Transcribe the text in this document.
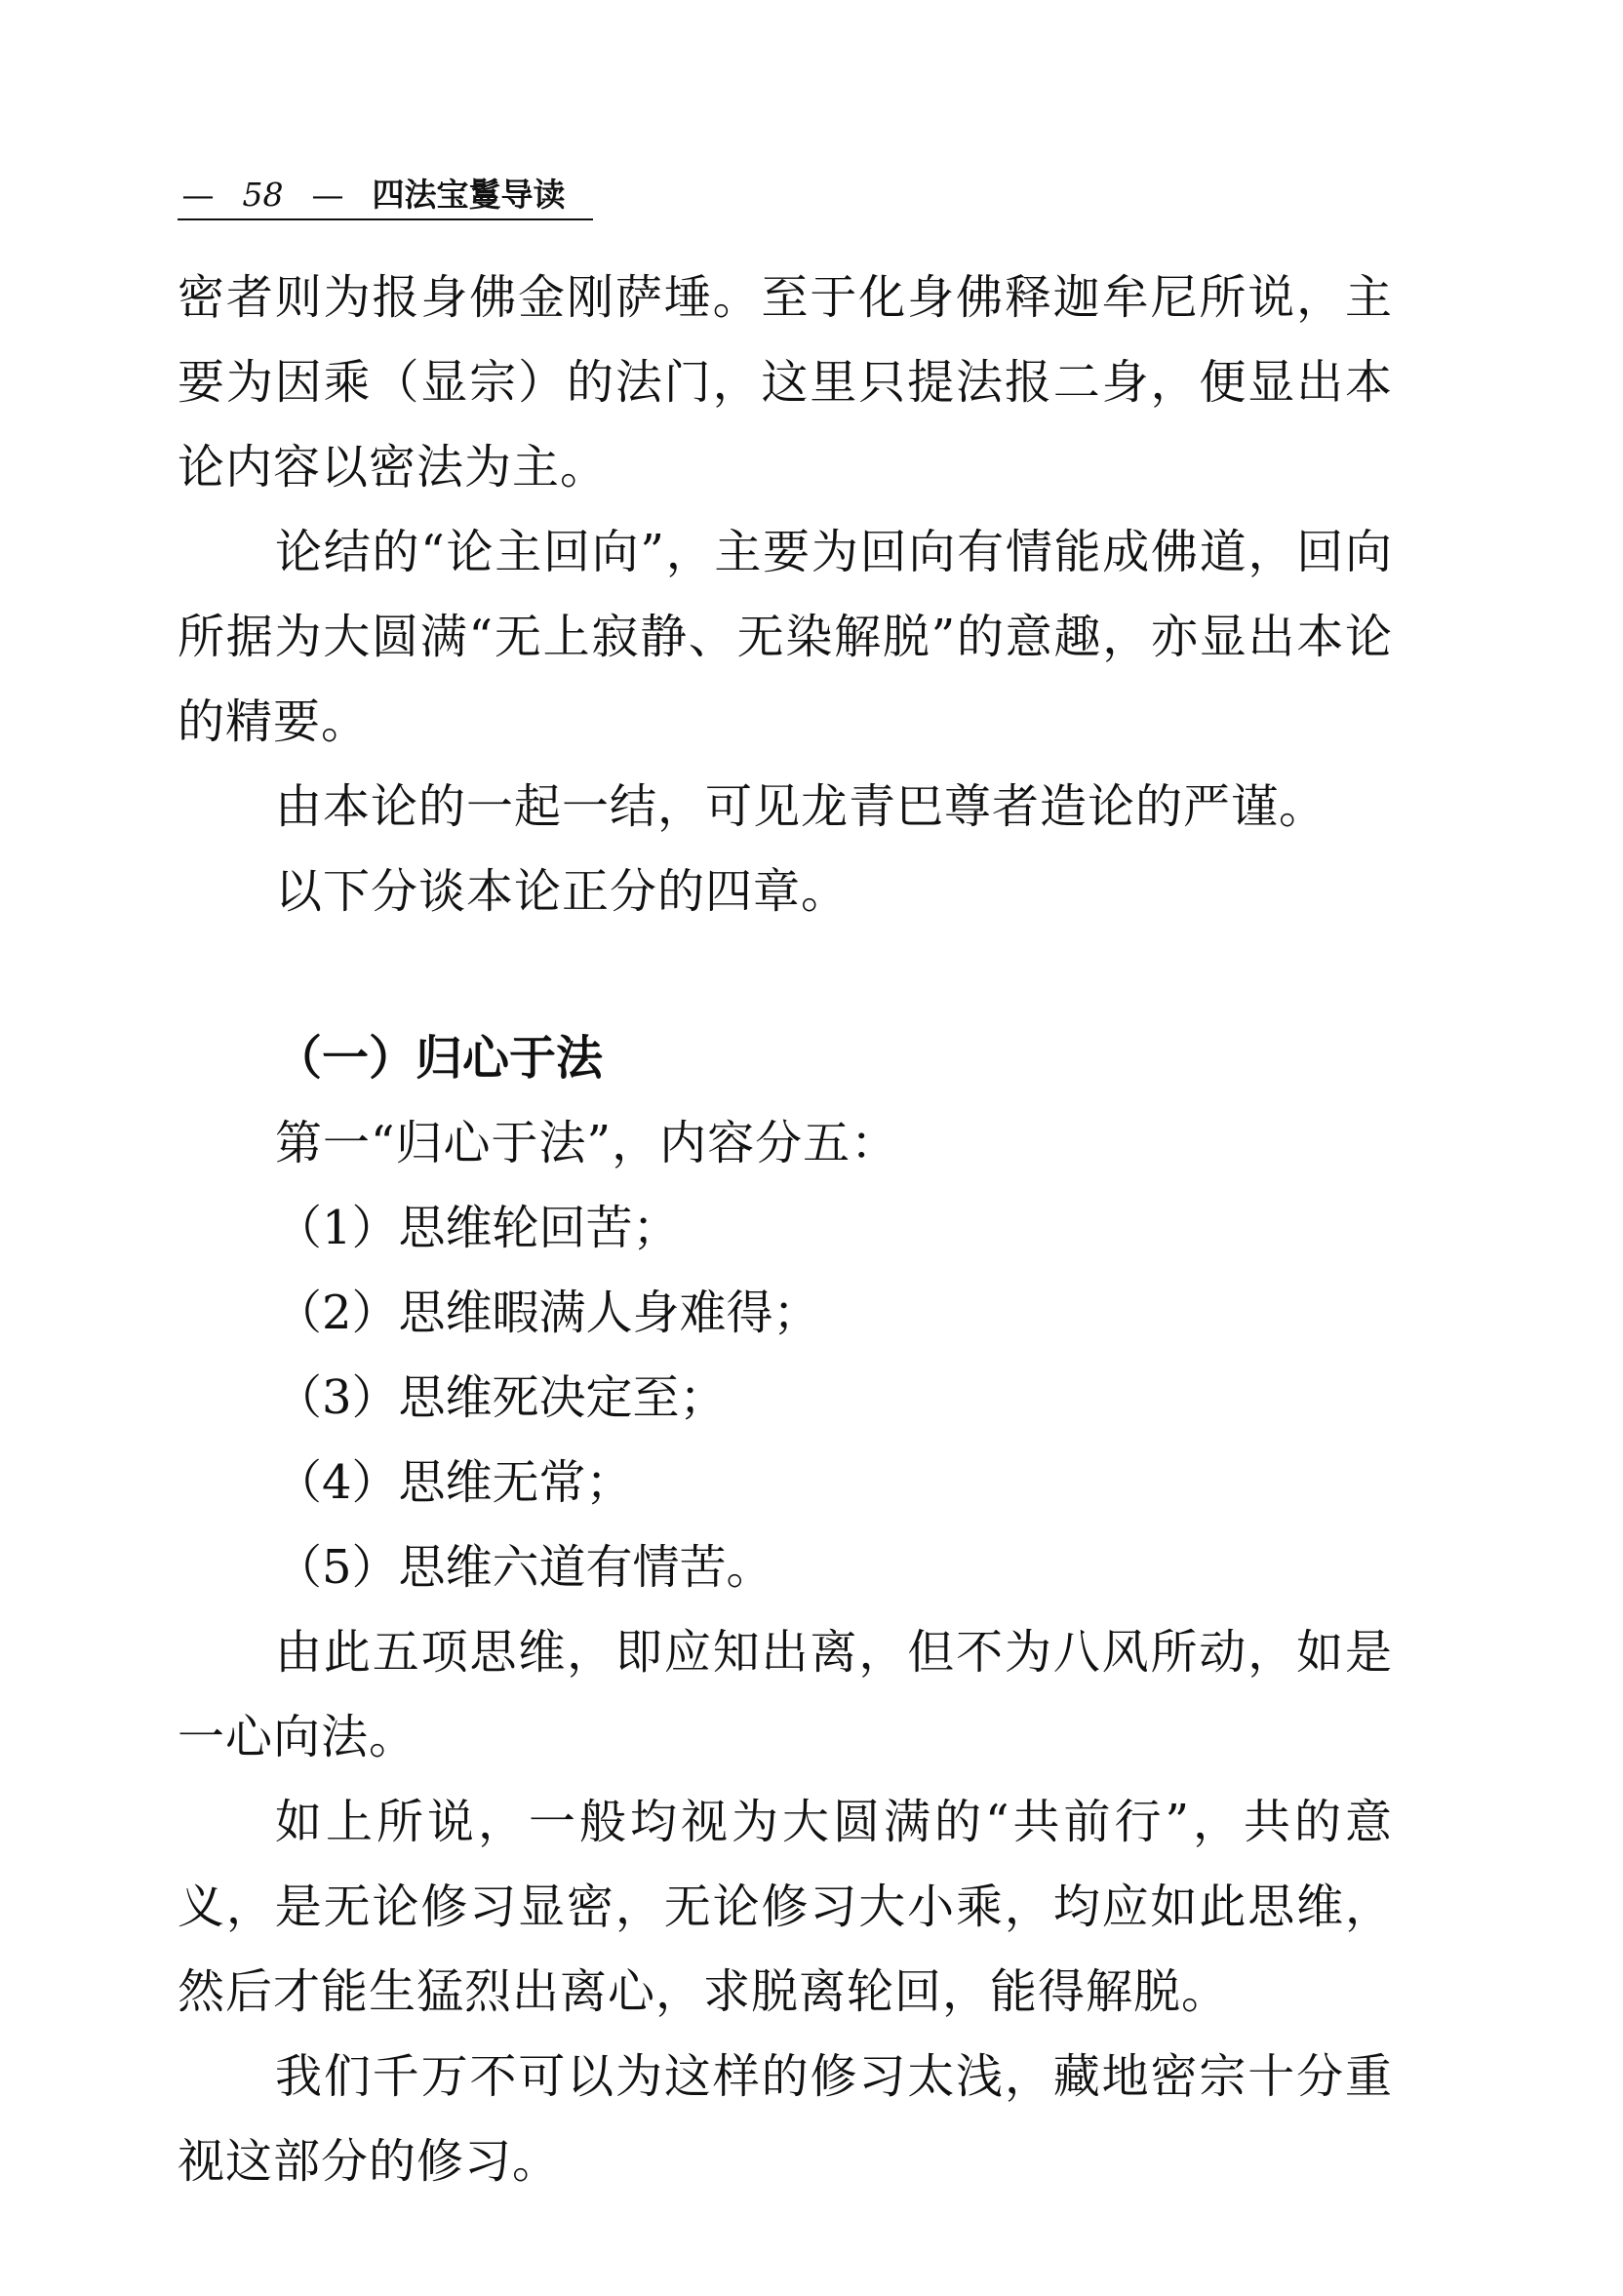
— 58 — 四法宝鬘导读

密者则为报身佛金刚萨埵。至于化身佛释迦牟尼所说，主要为因乘（显宗）的法门，这里只提法报二身，便显出本论内容以密法为主。

论结的“论主回向”，主要为回向有情能成佛道，回向所据为大圆满“无上寂静、无染解脱”的意趣，亦显出本论的精要。

由本论的一起一结，可见龙青巴尊者造论的严谨。

以下分谈本论正分的四章。

（一）归心于法

第一“归心于法”，内容分五：

（1）思维轮回苦；

（2）思维暇满人身难得；

（3）思维死决定至；

（4）思维无常；

（5）思维六道有情苦。

由此五项思维，即应知出离，但不为八风所动，如是一心向法。

如上所说，一般均视为大圆满的“共前行”，共的意义，是无论修习显密，无论修习大小乘，均应如此思维，然后才能生猛烈出离心，求脱离轮回，能得解脱。

我们千万不可以为这样的修习太浅，藏地密宗十分重视这部分的修习。
